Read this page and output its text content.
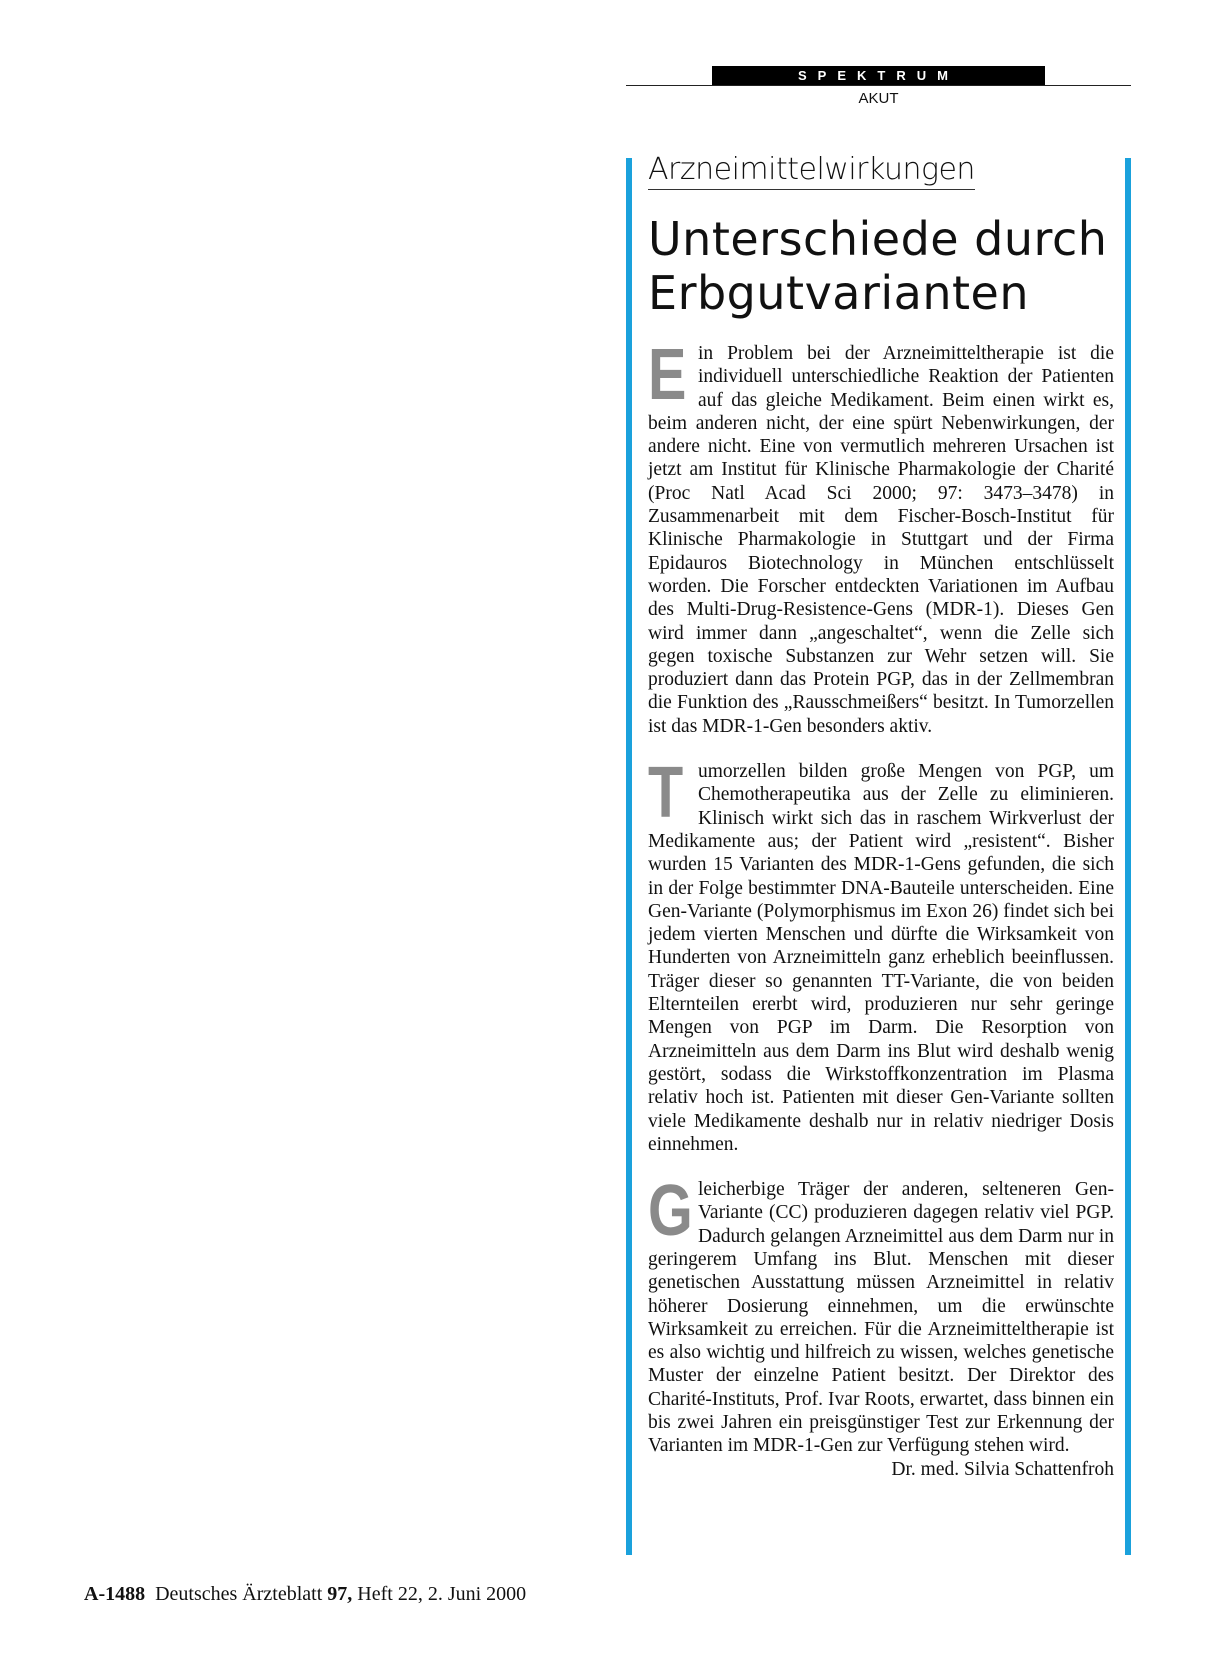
SPEKTRUM
AKUT
Arzneimittelwirkungen
Unterschiede durch
Erbgutvarianten

Ein Problem bei der Arzneimitteltherapie ist die individuell unterschiedliche Reaktion der Patienten auf das gleiche Medikament. Beim einen wirkt es, beim anderen nicht, der eine spürt Nebenwirkungen, der andere nicht. Eine von vermutlich mehreren Ursachen ist jetzt am Institut für Klinische Pharmakologie der Charité (Proc Natl Acad Sci 2000; 97: 3473–3478) in Zusammenarbeit mit dem Fischer-Bosch-Institut für Klinische Pharmakologie in Stuttgart und der Firma Epidauros Biotechnology in München entschlüsselt worden. Die Forscher entdeckten Variationen im Aufbau des Multi-Drug-Resistence-Gens (MDR-1). Dieses Gen wird immer dann „angeschaltet“, wenn die Zelle sich gegen toxische Substanzen zur Wehr setzen will. Sie produziert dann das Protein PGP, das in der Zellmembran die Funktion des „Rausschmeißers“ besitzt. In Tumorzellen ist das MDR-1-Gen besonders aktiv.

Tumorzellen bilden große Mengen von PGP, um Chemotherapeutika aus der Zelle zu eliminieren. Klinisch wirkt sich das in raschem Wirkverlust der Medikamente aus; der Patient wird „resistent“. Bisher wurden 15 Varianten des MDR-1-Gens gefunden, die sich in der Folge bestimmter DNA-Bauteile unterscheiden. Eine Gen-Variante (Polymorphismus im Exon 26) findet sich bei jedem vierten Menschen und dürfte die Wirksamkeit von Hunderten von Arzneimitteln ganz erheblich beeinflussen. Träger dieser so genannten TT-Variante, die von beiden Elternteilen ererbt wird, produzieren nur sehr geringe Mengen von PGP im Darm. Die Resorption von Arzneimitteln aus dem Darm ins Blut wird deshalb wenig gestört, sodass die Wirkstoffkonzentration im Plasma relativ hoch ist. Patienten mit dieser Gen-Variante sollten viele Medikamente deshalb nur in relativ niedriger Dosis einnehmen.

Gleicherbige Träger der anderen, selteneren Gen-Variante (CC) produzieren dagegen relativ viel PGP. Dadurch gelangen Arzneimittel aus dem Darm nur in geringerem Umfang ins Blut. Menschen mit dieser genetischen Ausstattung müssen Arzneimittel in relativ höherer Dosierung einnehmen, um die erwünschte Wirksamkeit zu erreichen. Für die Arzneimitteltherapie ist es also wichtig und hilfreich zu wissen, welches genetische Muster der einzelne Patient besitzt. Der Direktor des Charité-Instituts, Prof. Ivar Roots, erwartet, dass binnen ein bis zwei Jahren ein preisgünstiger Test zur Erkennung der Varianten im MDR-1-Gen zur Verfügung stehen wird.
Dr. med. Silvia Schattenfroh

A-1488 Deutsches Ärzteblatt 97, Heft 22, 2. Juni 2000
